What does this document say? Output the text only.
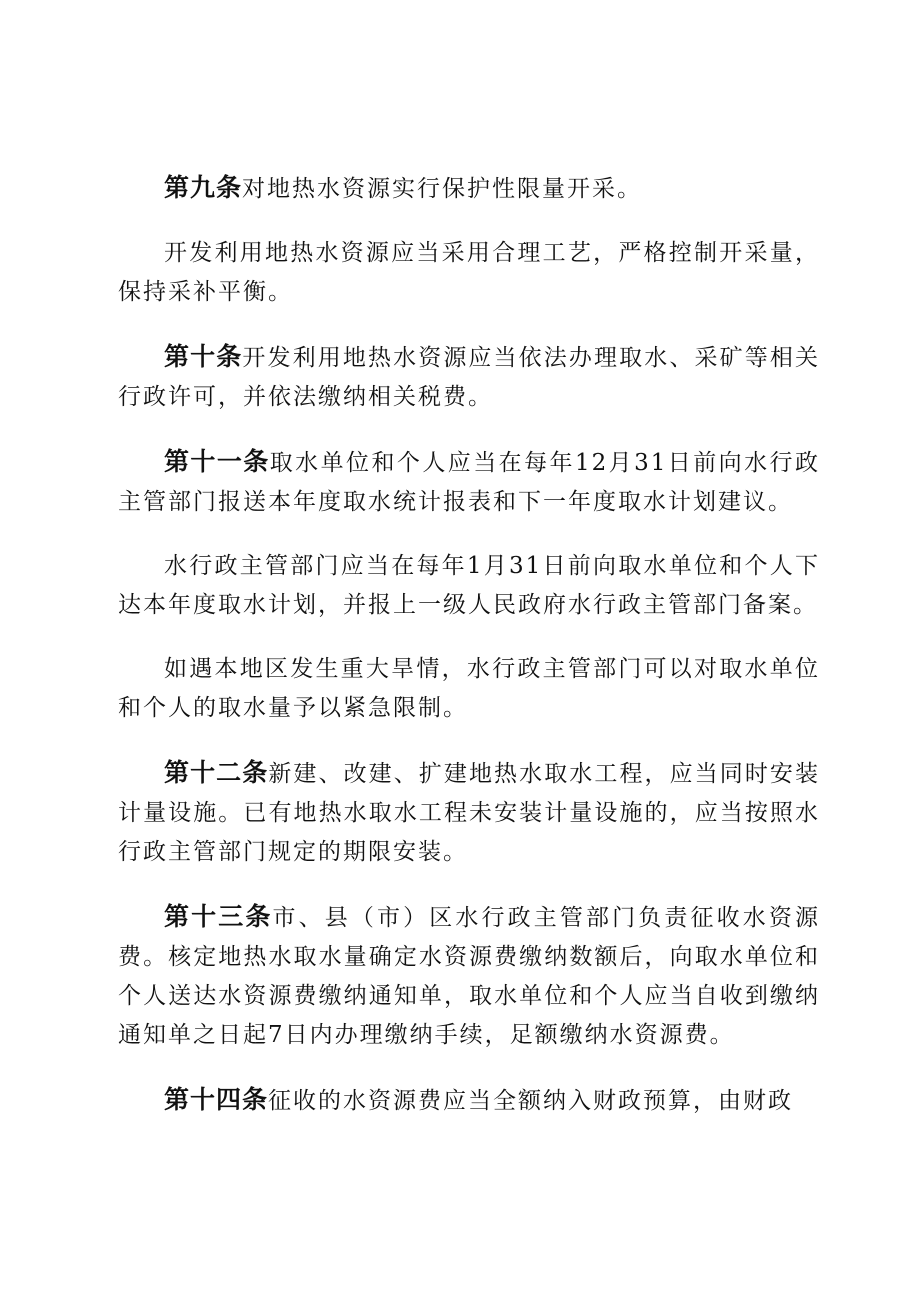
第九条对地热水资源实行保护性限量开采。

开发利用地热水资源应当采用合理工艺，严格控制开采量，保持采补平衡。

第十条开发利用地热水资源应当依法办理取水、采矿等相关行政许可，并依法缴纳相关税费。

第十一条取水单位和个人应当在每年12月31日前向水行政主管部门报送本年度取水统计报表和下一年度取水计划建议。

水行政主管部门应当在每年1月31日前向取水单位和个人下达本年度取水计划，并报上一级人民政府水行政主管部门备案。

如遇本地区发生重大旱情，水行政主管部门可以对取水单位和个人的取水量予以紧急限制。

第十二条新建、改建、扩建地热水取水工程，应当同时安装计量设施。已有地热水取水工程未安装计量设施的，应当按照水行政主管部门规定的期限安装。

第十三条市、县（市）区水行政主管部门负责征收水资源费。核定地热水取水量确定水资源费缴纳数额后，向取水单位和个人送达水资源费缴纳通知单，取水单位和个人应当自收到缴纳通知单之日起7日内办理缴纳手续，足额缴纳水资源费。

第十四条征收的水资源费应当全额纳入财政预算，由财政
